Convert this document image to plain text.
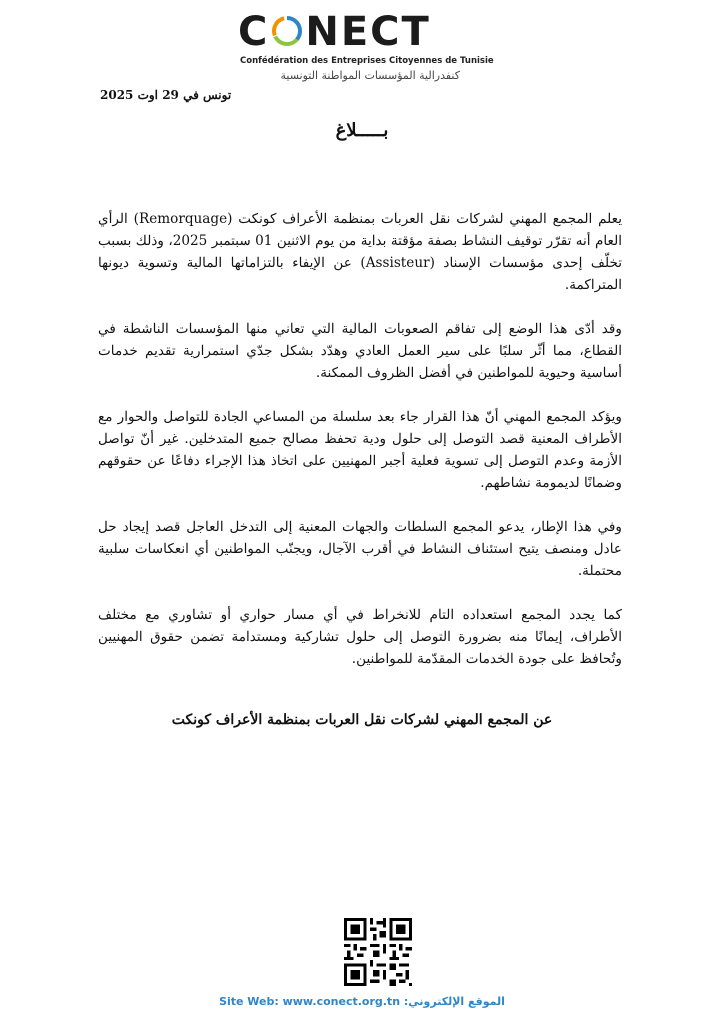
C NECT
Confédération des Entreprises Citoyennes de Tunisie
كنفدرالية المؤسسات المواطنة التونسية
تونس في 29 اوت 2025
بـــــلاغ

يعلم المجمع المهني لشركات نقل العربات بمنظمة الأعراف كونكت (Remorquage) الرأي العام أنه تقرّر توقيف النشاط بصفة مؤقتة بداية من يوم الاثنين 01 سبتمبر 2025، وذلك بسبب تخلّف إحدى مؤسسات الإسناد (Assisteur) عن الإيفاء بالتزاماتها المالية وتسوية ديونها المتراكمة.

وقد أدّى هذا الوضع إلى تفاقم الصعوبات المالية التي تعاني منها المؤسسات الناشطة في القطاع، مما أثّر سلبًا على سير العمل العادي وهدّد بشكل جدّي استمرارية تقديم خدمات أساسية وحيوية للمواطنين في أفضل الظروف الممكنة.

ويؤكد المجمع المهني أنّ هذا القرار جاء بعد سلسلة من المساعي الجادة للتواصل والحوار مع الأطراف المعنية قصد التوصل إلى حلول ودية تحفظ مصالح جميع المتدخلين. غير أنّ تواصل الأزمة وعدم التوصل إلى تسوية فعلية أجبر المهنيين على اتخاذ هذا الإجراء دفاعًا عن حقوقهم وضمانًا لديمومة نشاطهم.

وفي هذا الإطار، يدعو المجمع السلطات والجهات المعنية إلى التدخل العاجل قصد إيجاد حل عادل ومنصف يتيح استئناف النشاط في أقرب الآجال، ويجنّب المواطنين أي انعكاسات سلبية محتملة.

كما يجدد المجمع استعداده التام للانخراط في أي مسار حواري أو تشاوري مع مختلف الأطراف، إيمانًا منه بضرورة التوصل إلى حلول تشاركية ومستدامة تضمن حقوق المهنيين وتُحافظ على جودة الخدمات المقدّمة للمواطنين.

عن المجمع المهني لشركات نقل العربات بمنظمة الأعراف كونكت
Site Web: www.conect.org.tn الموقع الإلكتروني:
